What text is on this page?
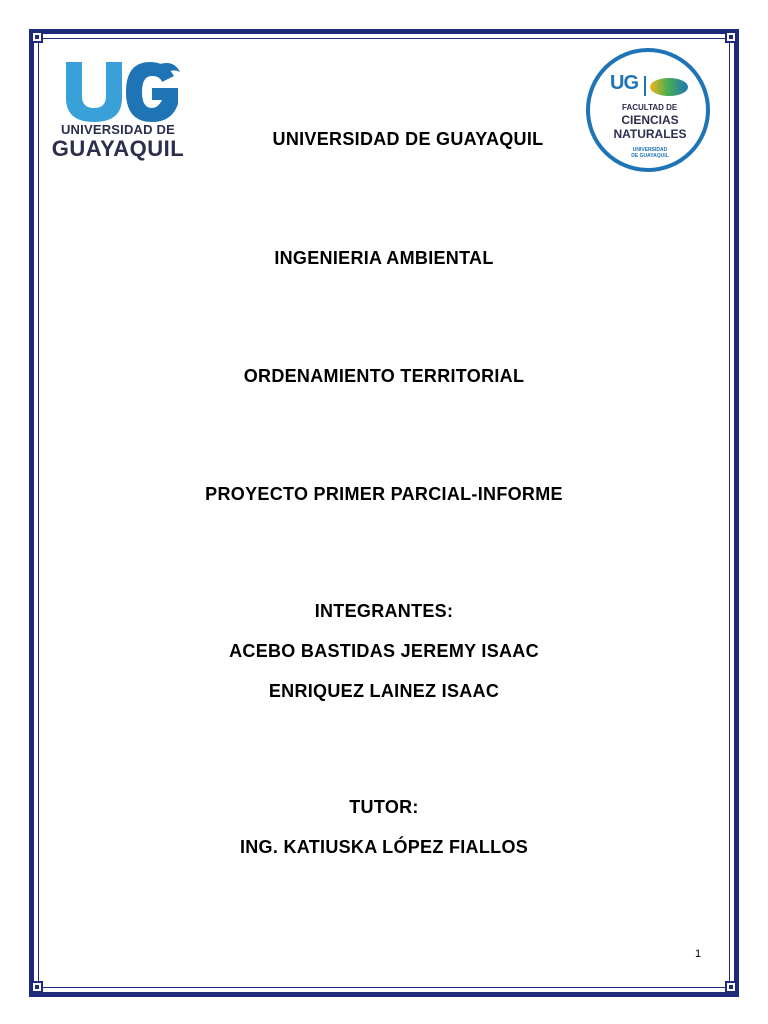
UNIVERSIDAD DE
GUAYAQUIL
UG
FACULTAD DE
CIENCIAS
NATURALES
UNIVERSIDAD DE GUAYAQUIL
UNIVERSIDAD DE GUAYAQUIL
INGENIERIA AMBIENTAL
ORDENAMIENTO TERRITORIAL
PROYECTO PRIMER PARCIAL-INFORME
INTEGRANTES:
ACEBO BASTIDAS JEREMY ISAAC
ENRIQUEZ LAINEZ ISAAC
TUTOR:
ING. KATIUSKA LÓPEZ FIALLOS
1
